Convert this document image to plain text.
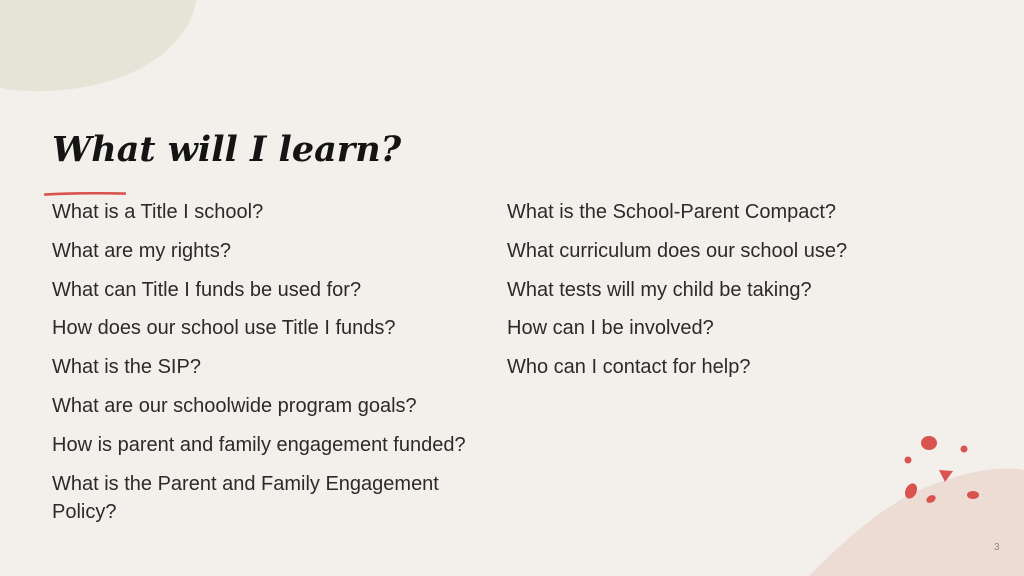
What will I learn?
What is a Title I school?
What are my rights?
What can Title I funds be used for?
How does our school use Title I funds?
What is the SIP?
What are our schoolwide program goals?
How is parent and family engagement funded?
What is the Parent and Family Engagement Policy?
What is the School-Parent Compact?
What curriculum does our school use?
What tests will my child be taking?
How can I be involved?
Who can I contact for help?
3
